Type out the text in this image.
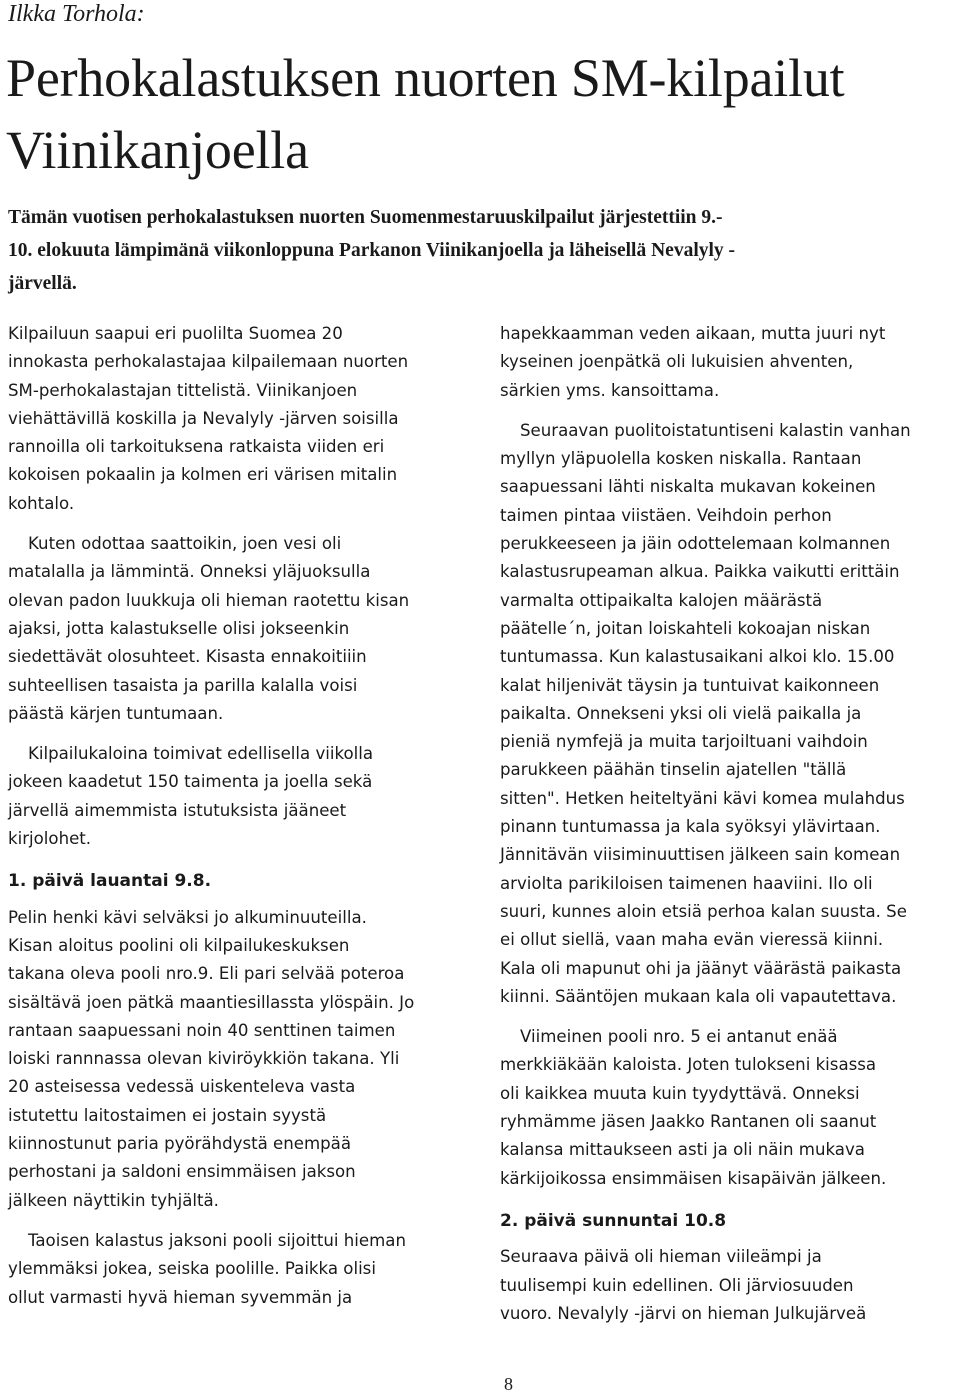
Ilkka Torhola:

Perhokalastuksen nuorten SM-kilpailut
Viinikanjoella

Tämän vuotisen perhokalastuksen nuorten Suomenmestaruuskilpailut järjestettiin 9.-
10. elokuuta lämpimänä viikonloppuna Parkanon Viinikanjoella ja läheisellä Nevalyly -
järvellä.

Kilpailuun saapui eri puolilta Suomea 20
innokasta perhokalastajaa kilpailemaan nuorten
SM-perhokalastajan tittelistä. Viinikanjoen
viehättävillä koskilla ja Nevalyly -järven soisilla
rannoilla oli tarkoituksena ratkaista viiden eri
kokoisen pokaalin ja kolmen eri värisen mitalin
kohtalo.

Kuten odottaa saattoikin, joen vesi oli
matalalla ja lämmintä. Onneksi yläjuoksulla
olevan padon luukkuja oli hieman raotettu kisan
ajaksi, jotta kalastukselle olisi jokseenkin
siedettävät olosuhteet. Kisasta ennakoitiiin
suhteellisen tasaista ja parilla kalalla voisi
päästä kärjen tuntumaan.

Kilpailukaloina toimivat edellisella viikolla
jokeen kaadetut 150 taimenta ja joella sekä
järvellä aimemmista istutuksista jääneet
kirjolohet.

1. päivä lauantai 9.8.

Pelin henki kävi selväksi jo alkuminuuteilla.
Kisan aloitus poolini oli kilpailukeskuksen
takana oleva pooli nro.9. Eli pari selvää poteroa
sisältävä joen pätkä maantiesillassta ylöspäin. Jo
rantaan saapuessani noin 40 senttinen taimen
loiski rannnassa olevan kiviröykkiön takana. Yli
20 asteisessa vedessä uiskenteleva vasta
istutettu laitostaimen ei jostain syystä
kiinnostunut paria pyörähdystä enempää
perhostani ja saldoni ensimmäisen jakson
jälkeen näyttikin tyhjältä.

Taoisen kalastus jaksoni pooli sijoittui hieman
ylemmäksi jokea, seiska poolille. Paikka olisi
ollut varmasti hyvä hieman syvemmän ja

hapekkaamman veden aikaan, mutta juuri nyt
kyseinen joenpätkä oli lukuisien ahventen,
särkien yms. kansoittama.

Seuraavan puolitoistatuntiseni kalastin vanhan
myllyn yläpuolella kosken niskalla. Rantaan
saapuessani lähti niskalta mukavan kokeinen
taimen pintaa viistäen. Veihdoin perhon
perukkeeseen ja jäin odottelemaan kolmannen
kalastusrupeaman alkua. Paikka vaikutti erittäin
varmalta ottipaikalta kalojen määrästä
päätelle´n, joitan loiskahteli kokoajan niskan
tuntumassa. Kun kalastusaikani alkoi klo. 15.00
kalat hiljenivät täysin ja tuntuivat kaikonneen
paikalta. Onnekseni yksi oli vielä paikalla ja
pieniä nymfejä ja muita tarjoiltuani vaihdoin
parukkeen päähän tinselin ajatellen "tällä
sitten". Hetken heiteltyäni kävi komea mulahdus
pinann tuntumassa ja kala syöksyi ylävirtaan.
Jännitävän viisiminuuttisen jälkeen sain komean
arviolta parikiloisen taimenen haaviini. Ilo oli
suuri, kunnes aloin etsiä perhoa kalan suusta. Se
ei ollut siellä, vaan maha evän vieressä kiinni.
Kala oli mapunut ohi ja jäänyt väärästä paikasta
kiinni. Sääntöjen mukaan kala oli vapautettava.

Viimeinen pooli nro. 5 ei antanut enää
merkkiäkään kaloista. Joten tulokseni kisassa
oli kaikkea muuta kuin tyydyttävä. Onneksi
ryhmämme jäsen Jaakko Rantanen oli saanut
kalansa mittaukseen asti ja oli näin mukava
kärkijoikossa ensimmäisen kisapäivän jälkeen.

2. päivä sunnuntai 10.8

Seuraava päivä oli hieman viileämpi ja
tuulisempi kuin edellinen. Oli järviosuuden
vuoro. Nevalyly -järvi on hieman Julkujärveä

8
